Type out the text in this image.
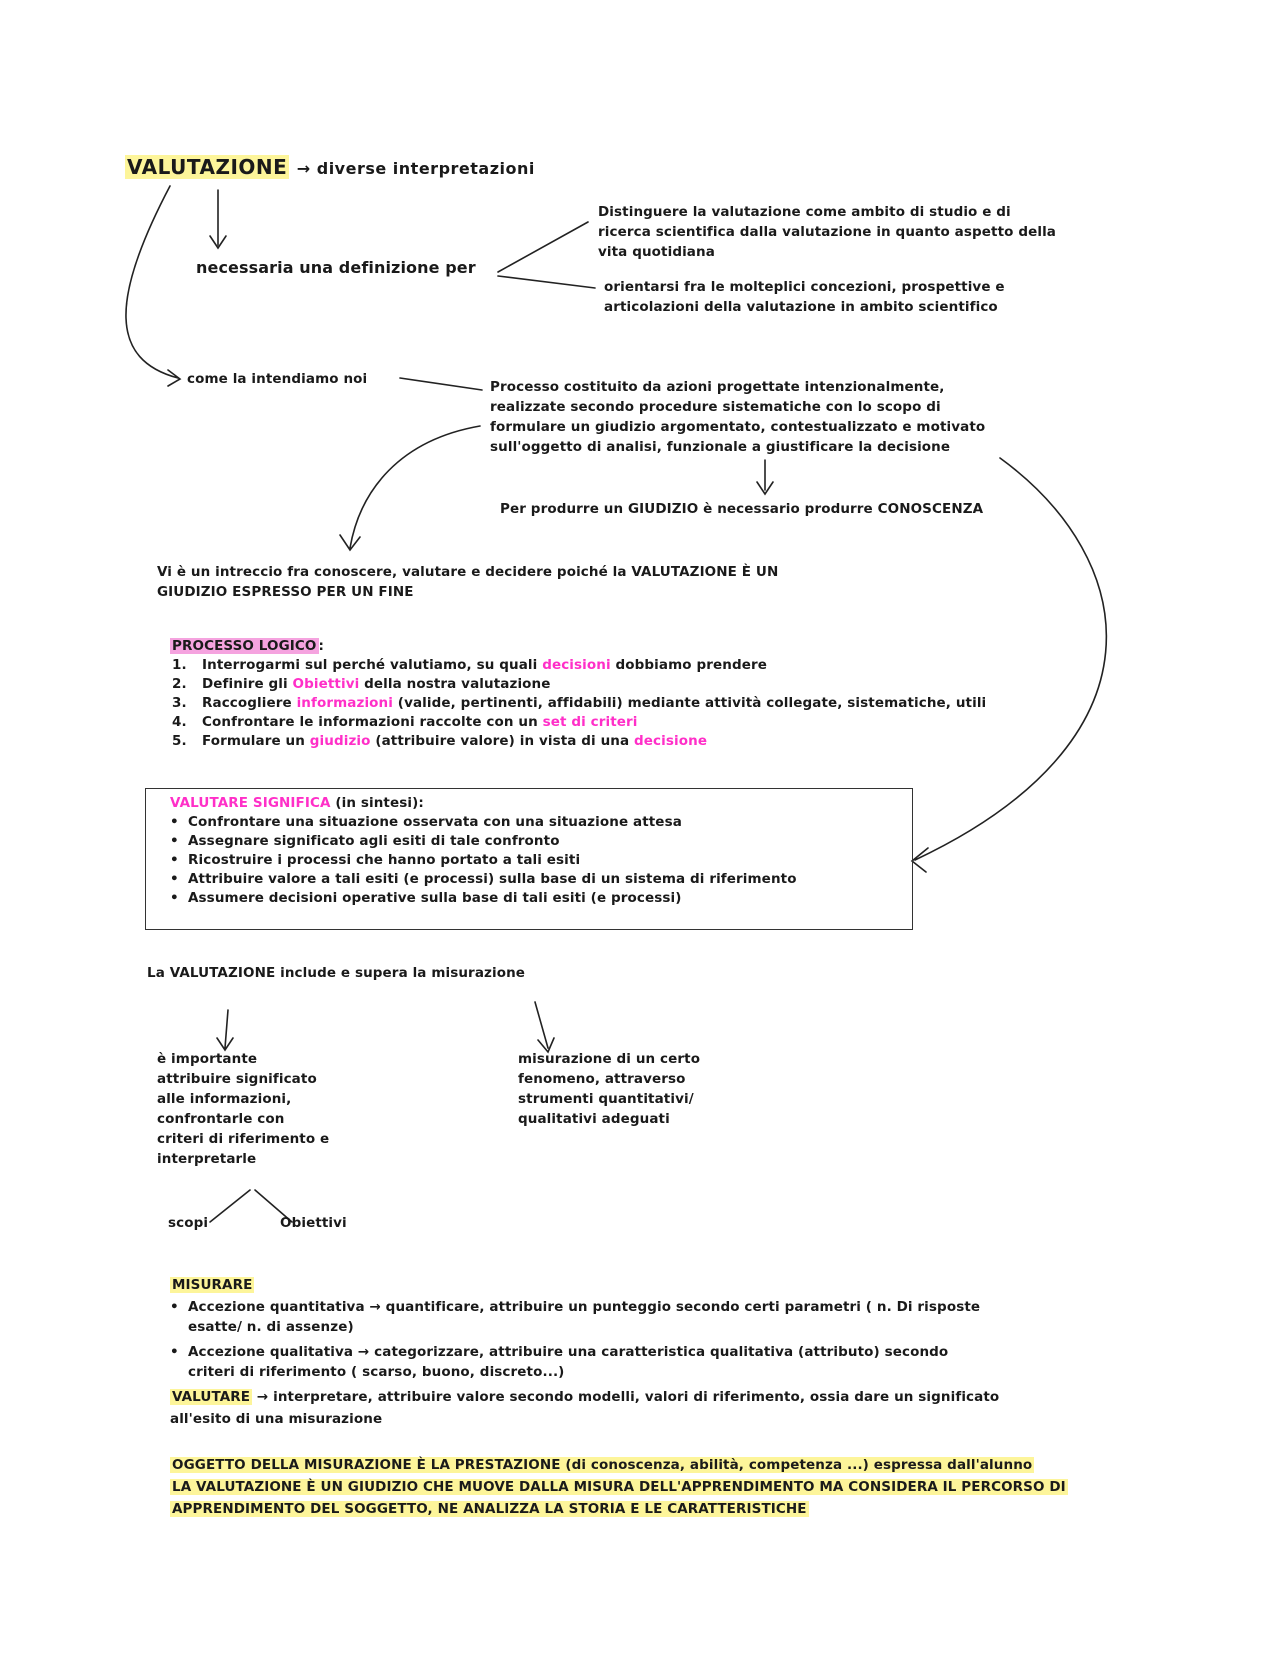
VALUTAZIONE → diverse interpretazioni
necessaria una definizione per
Distinguere la valutazione come ambito di studio e di
ricerca scientifica dalla valutazione in quanto aspetto della
vita quotidiana
orientarsi fra le molteplici concezioni, prospettive e
articolazioni della valutazione in ambito scientifico
come la intendiamo noi	Processo costituito da azioni progettate intenzionalmente,
realizzate secondo procedure sistematiche con lo scopo di
formulare un giudizio argomentato, contestualizzato e motivato
sull'oggetto di analisi, funzionale a giustificare la decisione
Per produrre un GIUDIZIO è necessario produrre CONOSCENZA
Vi è un intreccio fra conoscere, valutare e decidere poiché la VALUTAZIONE È UN
GIUDIZIO ESPRESSO PER UN FINE
PROCESSO LOGICO :
1. Interrogarmi sul perché valutiamo, su quali decisioni dobbiamo prendere
2. Definire gli Obiettivi della nostra valutazione
3. Raccogliere informazioni (valide, pertinenti, affidabili) mediante attività collegate, sistematiche, utili
4. Confrontare le informazioni raccolte con un set di criteri
5. Formulare un giudizio (attribuire valore) in vista di una decisione
VALUTARE SIGNIFICA (in sintesi):
• Confrontare una situazione osservata con una situazione attesa
• Assegnare significato agli esiti di tale confronto
• Ricostruire i processi che hanno portato a tali esiti
• Attribuire valore a tali esiti (e processi) sulla base di un sistema di riferimento
• Assumere decisioni operative sulla base di tali esiti (e processi)
La VALUTAZIONE include e supera la misurazione
è importante
attribuire significato
alle informazioni,
confrontarle con
criteri di riferimento e
interpretarle
misurazione di un certo
fenomeno, attraverso
strumenti quantitativi/
qualitativi adeguati
scopi	Obiettivi
MISURARE
• Accezione quantitativa → quantificare, attribuire un punteggio secondo certi parametri ( n. Di risposte
esatte/ n. di assenze)
• Accezione qualitativa → categorizzare, attribuire una caratteristica qualitativa (attributo) secondo
criteri di riferimento ( scarso, buono, discreto...)
VALUTARE → interpretare, attribuire valore secondo modelli, valori di riferimento, ossia dare un significato
all'esito di una misurazione
OGGETTO DELLA MISURAZIONE È LA PRESTAZIONE (di conoscenza, abilità, competenza ...) espressa dall'alunno
LA VALUTAZIONE È UN GIUDIZIO CHE MUOVE DALLA MISURA DELL'APPRENDIMENTO MA CONSIDERA IL PERCORSO DI
APPRENDIMENTO DEL SOGGETTO, NE ANALIZZA LA STORIA E LE CARATTERISTICHE
